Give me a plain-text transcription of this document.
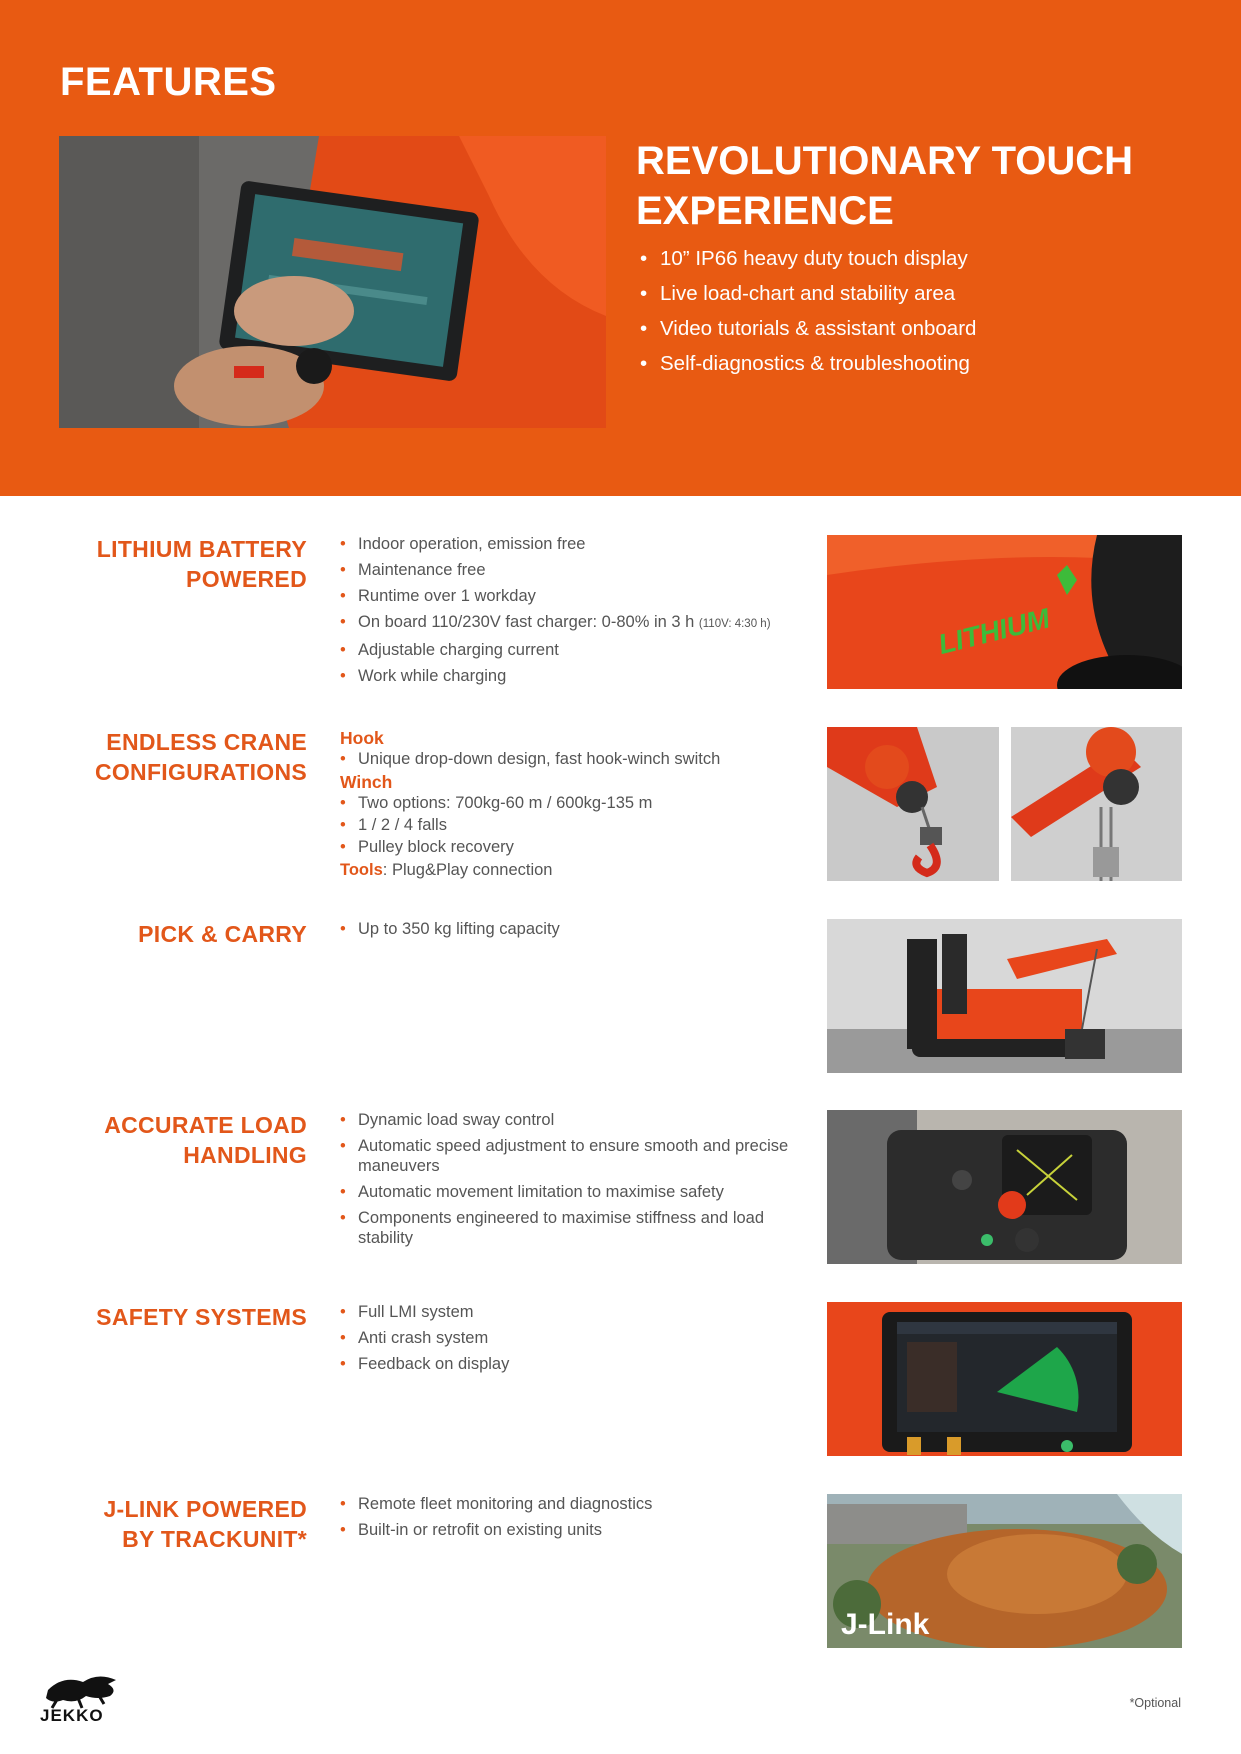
FEATURES
REVOLUTIONARY TOUCH
EXPERIENCE
• 10” IP66 heavy duty touch display
• Live load-chart and stability area
• Video tutorials & assistant onboard
• Self-diagnostics & troubleshooting
LITHIUM BATTERY
POWERED
• Indoor operation, emission free
• Maintenance free
• Runtime over 1 workday
• On board 110/230V fast charger: 0-80% in 3 h (110V: 4:30 h)
• Adjustable charging current
• Work while charging
LITHIUM
ENDLESS CRANE
CONFIGURATIONS
Hook
• Unique drop-down design, fast hook-winch switch
Winch
• Two options: 700kg-60 m / 600kg-135 m
• 1 / 2 / 4 falls
• Pulley block recovery
Tools: Plug&Play connection
PICK & CARRY	• Up to 350 kg lifting capacity
ACCURATE LOAD
HANDLING
• Dynamic load sway control
• Automatic speed adjustment to ensure smooth and precise maneuvers
• Automatic movement limitation to maximise safety
• Components engineered to maximise stiffness and load stability
SAFETY SYSTEMS	• Full LMI system
• Anti crash system
• Feedback on display
J-LINK POWERED
BY TRACKUNIT*
• Remote fleet monitoring and diagnostics
• Built-in or retrofit on existing units
J-Link
JEKKO
*Optional
